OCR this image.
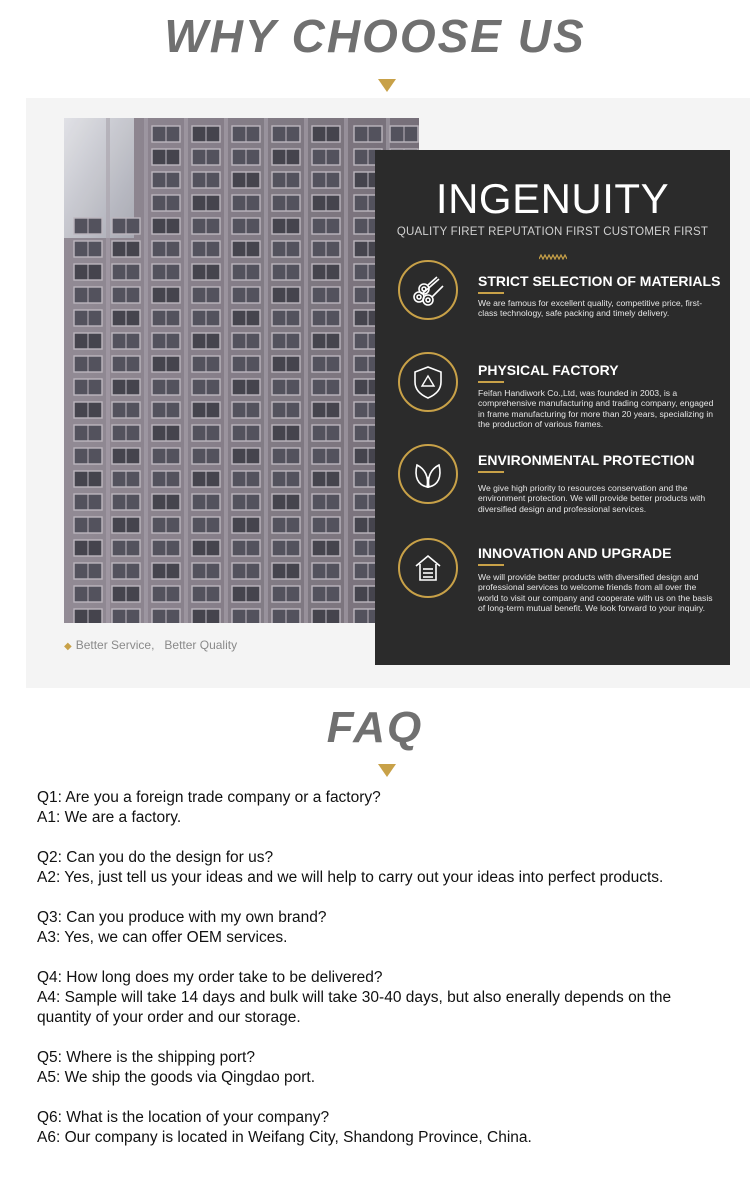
WHY CHOOSE US
◆ Better Service,   Better Quality
INGENUITY
QUALITY FIRET REPUTATION FIRST CUSTOMER FIRST
STRICT SELECTION OF MATERIALS
We are famous for excellent quality, competitive price, first-class technology, safe packing and timely delivery.
PHYSICAL FACTORY
Feifan Handiwork Co.,Ltd, was founded in 2003, is a comprehensive manufacturing and trading company, engaged in frame manufacturing for more than 20 years, specializing in the production of various frames.
ENVIRONMENTAL PROTECTION
We give high priority to resources conservation and the environment protection. We will provide better products with diversified design and professional services.
INNOVATION AND UPGRADE
We will provide better products with diversified design and professional services to welcome friends from all over the world to visit our company and cooperate with us on the basis of long-term mutual benefit. We look forward to your inquiry.
FAQ
Q1: Are you a foreign trade company or a factory?
A1: We are a factory.
Q2: Can you do the design for us?
A2: Yes, just tell us your ideas and we will help to carry out your ideas into perfect products.
Q3: Can you produce with my own brand?
A3: Yes, we can offer OEM services.
Q4: How long does my order take to be delivered?
A4: Sample will take 14 days and bulk will take 30-40 days, but also enerally depends on the
quantity of your order and our storage.
Q5: Where is the shipping port?
A5: We ship the goods via Qingdao port.
Q6: What is the location of your company?
A6: Our company is located in Weifang City, Shandong Province, China.
